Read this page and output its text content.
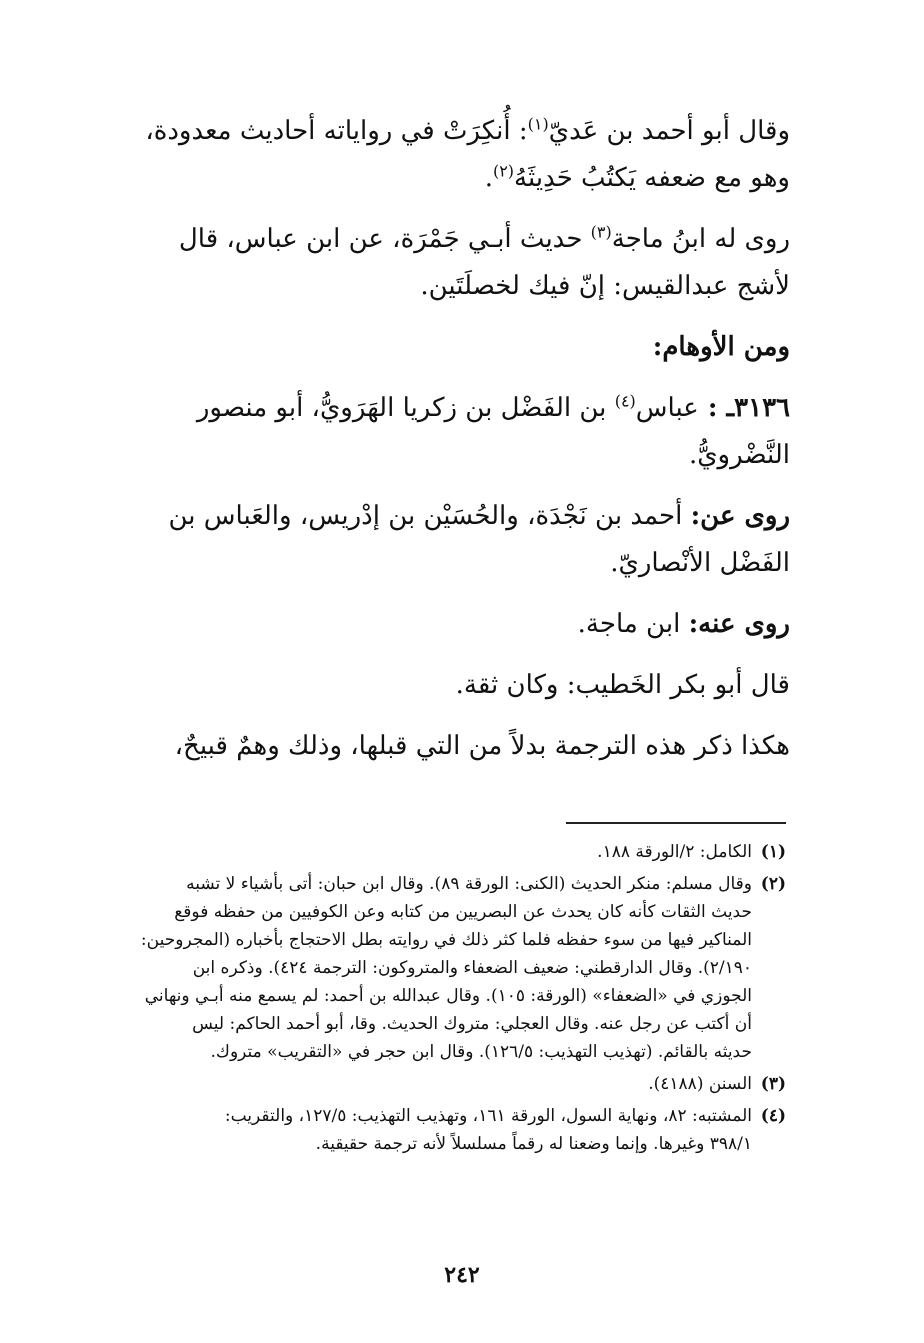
وقال أبو أحمد بن عَديّ$^{(١)}$: أُنكِرَتْ في رواياته أحاديث معدودة،
وهو مع ضعفه يَكتُبُ حَدِيثَهُ$^{(٢)}$.

روى له ابنُ ماجة$^{(٣)}$ حديث أبـي جَمْرَة، عن ابن عباس، قال
لأشج عبدالقيس: إنّ فيك لخصلَتَين.

ومن الأوهام:

٣١٣٦ـ : عباس$^{(٤)}$ بن الفَضْل بن زكريا الهَرَويُّ، أبو منصور
النَّضْرويُّ.

روى عن: أحمد بن نَجْدَة، والحُسَيْن بن إدْريس، والعَباس بن
الفَضْل الأنْصاريّ.

روى عنه: ابن ماجة.

قال أبو بكر الخَطيب: وكان ثقة.

هكذا ذكر هذه الترجمة بدلاً من التي قبلها، وذلك وهمٌ قبيحٌ،

(١)
الكامل: ٢/الورقة ١٨٨.
(٢)
وقال مسلم: منكر الحديث (الكنى: الورقة ٨٩). وقال ابن حبان: أتى بأشياء لا تشبه
حديث الثقات كأنه كان يحدث عن البصريين من كتابه وعن الكوفيين من حفظه فوقع
المناكير فيها من سوء حفظه فلما كثر ذلك في روايته بطل الاحتجاج بأخباره (المجروحين:
٢/١٩٠). وقال الدارقطني: ضعيف الضعفاء والمتروكون: الترجمة ٤٢٤). وذكره ابن
الجوزي في «الضعفاء» (الورقة: ١٠٥). وقال عبدالله بن أحمد: لم يسمع منه أبـي ونهاني
أن أكتب عن رجل عنه. وقال العجلي: متروك الحديث. وقا، أبو أحمد الحاكم: ليس
حديثه بالقائم. (تهذيب التهذيب: ١٢٦/٥). وقال ابن حجر في «التقريب» متروك.
(٣)
السنن (٤١٨٨).
(٤)
المشتبه: ٨٢، ونهاية السول، الورقة ١٦١، وتهذيب التهذيب: ١٢٧/٥، والتقريب:
٣٩٨/١ وغيرها. وإنما وضعنا له رقماً مسلسلاً لأنه ترجمة حقيقية.
٢٤٢
